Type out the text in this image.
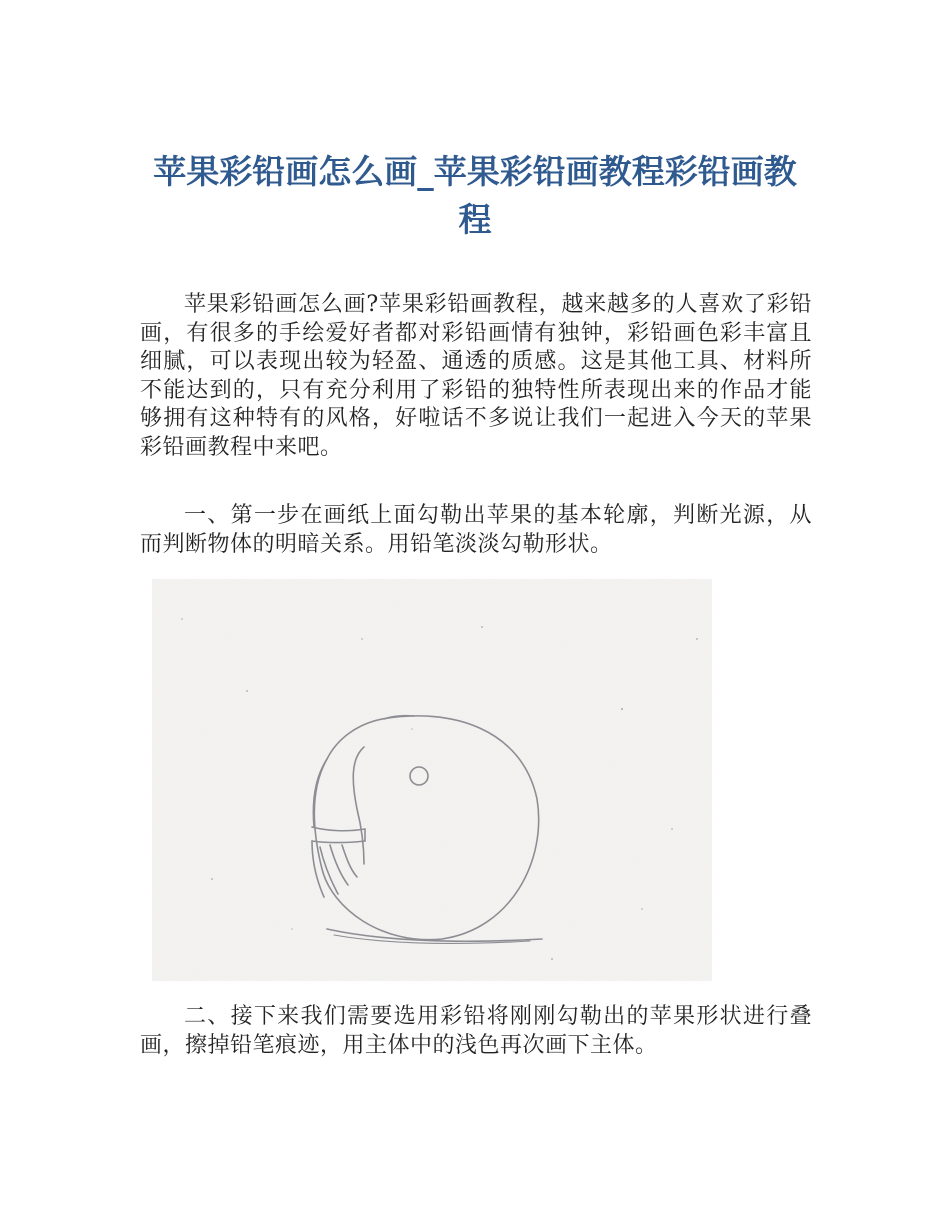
苹果彩铅画怎么画_苹果彩铅画教程彩铅画教程

苹果彩铅画怎么画?苹果彩铅画教程，越来越多的人喜欢了彩铅画，有很多的手绘爱好者都对彩铅画情有独钟，彩铅画色彩丰富且细腻，可以表现出较为轻盈、通透的质感。这是其他工具、材料所不能达到的，只有充分利用了彩铅的独特性所表现出来的作品才能够拥有这种特有的风格，好啦话不多说让我们一起进入今天的苹果彩铅画教程中来吧。

一、第一步在画纸上面勾勒出苹果的基本轮廓，判断光源，从而判断物体的明暗关系。用铅笔淡淡勾勒形状。

二、接下来我们需要选用彩铅将刚刚勾勒出的苹果形状进行叠画，擦掉铅笔痕迹，用主体中的浅色再次画下主体。
